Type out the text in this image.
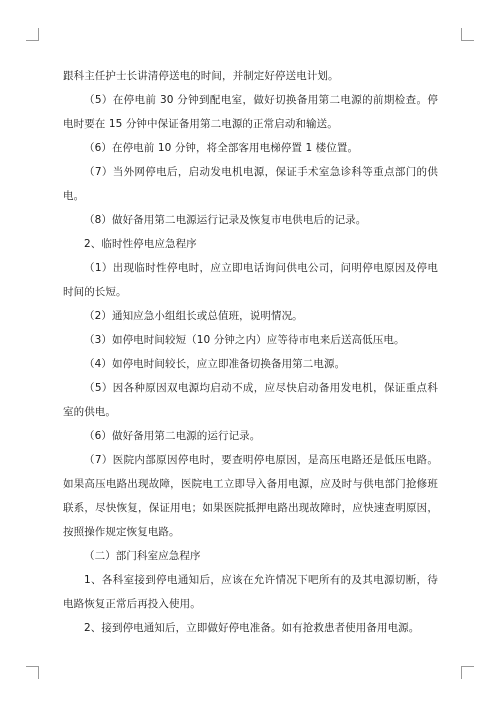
跟科主任护士长讲清停送电的时间，并制定好停送电计划。

（5）在停电前 30 分钟到配电室，做好切换备用第二电源的前期检查。停电时要在 15 分钟中保证备用第二电源的正常启动和输送。

（6）在停电前 10 分钟，将全部客用电梯停置 1 楼位置。

（7）当外网停电后，启动发电机电源，保证手术室急诊科等重点部门的供电。

（8）做好备用第二电源运行记录及恢复市电供电后的记录。

2、临时性停电应急程序

（1）出现临时性停电时，应立即电话询问供电公司，问明停电原因及停电时间的长短。

（2）通知应急小组组长或总值班，说明情况。

（3）如停电时间较短（10 分钟之内）应等待市电来后送高低压电。

（4）如停电时间较长，应立即准备切换备用第二电源。

（5）因各种原因双电源均启动不成，应尽快启动备用发电机，保证重点科室的供电。

（6）做好备用第二电源的运行记录。

（7）医院内部原因停电时，要查明停电原因，是高压电路还是低压电路。如果高压电路出现故障，医院电工立即导入备用电源，应及时与供电部门抢修班联系，尽快恢复，保证用电；如果医院抵押电路出现故障时，应快速查明原因，按照操作规定恢复电路。

（二）部门科室应急程序

1、各科室接到停电通知后，应该在允许情况下吧所有的及其电源切断，待电路恢复正常后再投入使用。

2、接到停电通知后，立即做好停电准备。如有抢救患者使用备用电源。
